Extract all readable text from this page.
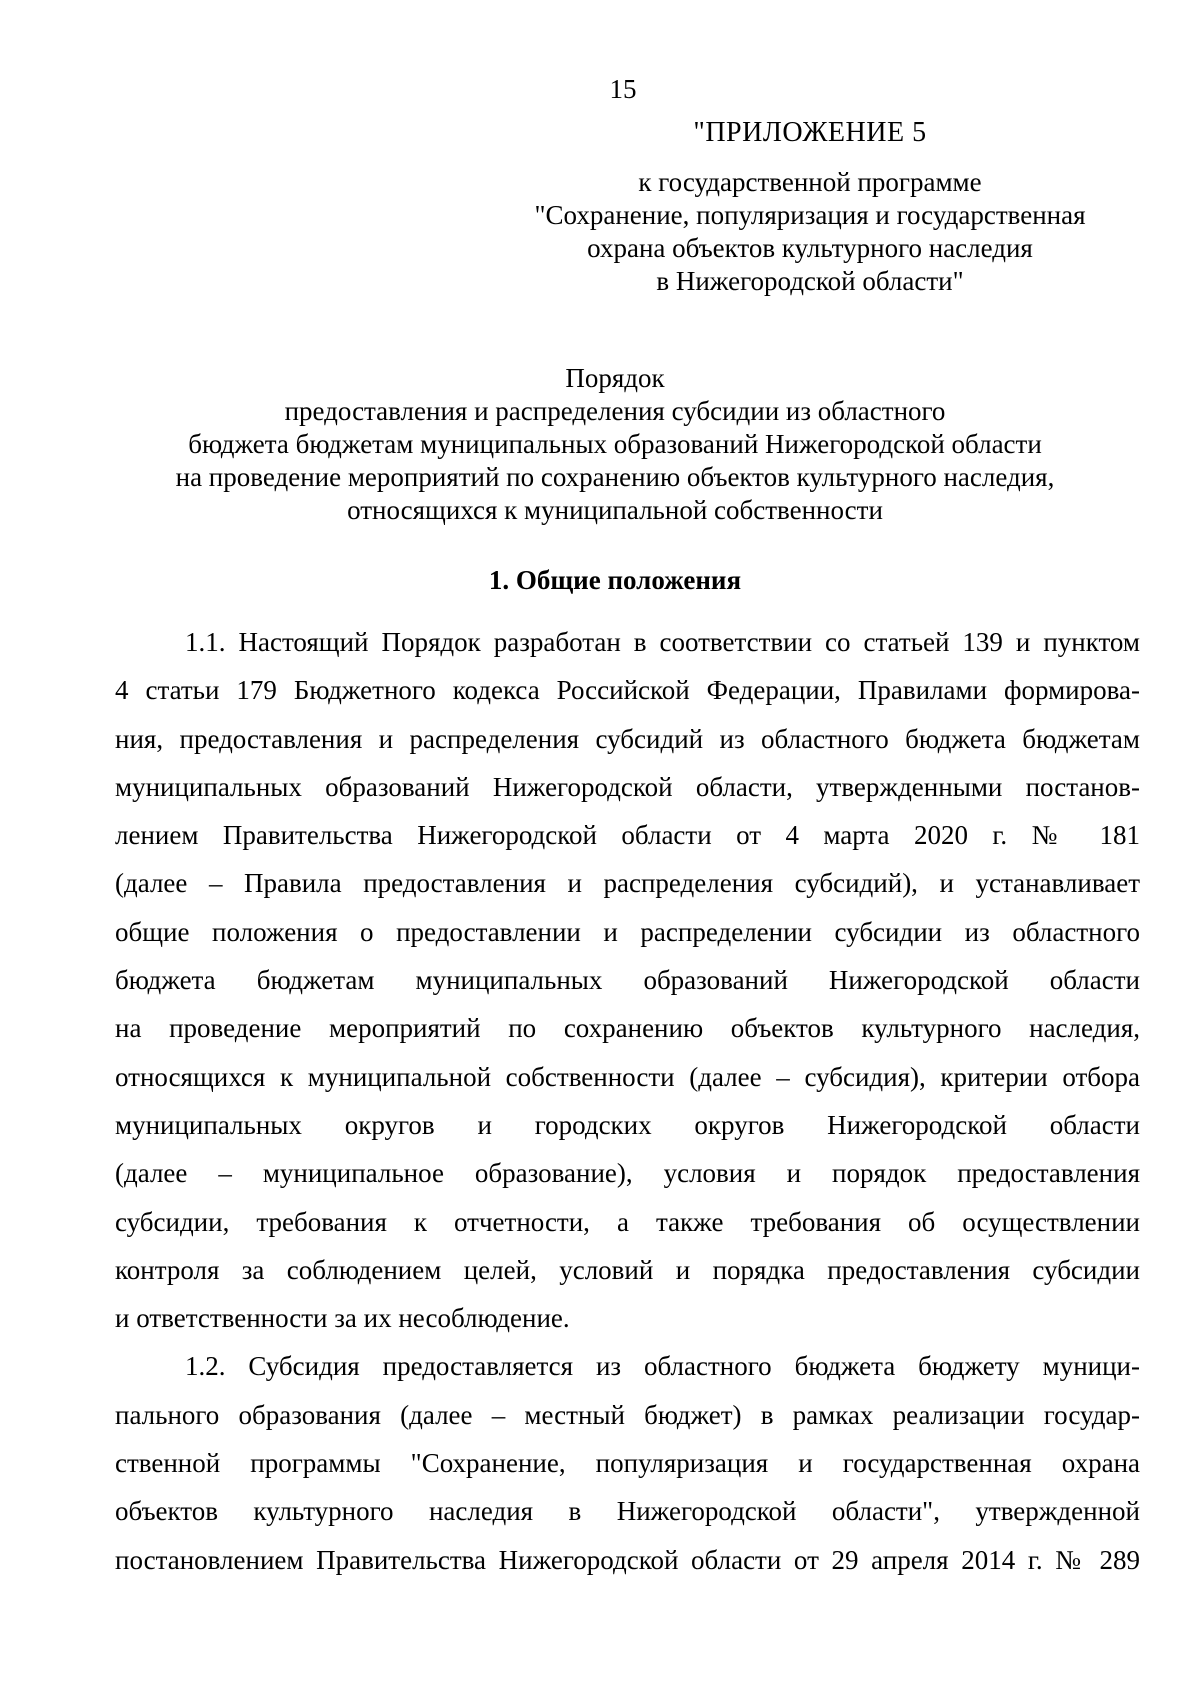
15
"ПРИЛОЖЕНИЕ 5
к государственной программе
"Сохранение, популяризация и государственная
охрана объектов культурного наследия
в Нижегородской области"
Порядок
предоставления и распределения субсидии из областного
бюджета бюджетам муниципальных образований Нижегородской области
на проведение мероприятий по сохранению объектов культурного наследия,
относящихся к муниципальной собственности
1. Общие положения
1.1. Настоящий Порядок разработан в соответствии со статьей 139 и пунктом
4 статьи 179 Бюджетного кодекса Российской Федерации, Правилами формирова-
ния, предоставления и распределения субсидий из областного бюджета бюджетам
муниципальных образований Нижегородской области, утвержденными постанов-
лением Правительства Нижегородской области от 4 марта 2020 г. № 181
(далее – Правила предоставления и распределения субсидий), и устанавливает
общие положения о предоставлении и распределении субсидии из областного
бюджета бюджетам муниципальных образований Нижегородской области
на проведение мероприятий по сохранению объектов культурного наследия,
относящихся к муниципальной собственности (далее – субсидия), критерии отбора
муниципальных округов и городских округов Нижегородской области
(далее – муниципальное образование), условия и порядок предоставления
субсидии, требования к отчетности, а также требования об осуществлении
контроля за соблюдением целей, условий и порядка предоставления субсидии
и ответственности за их несоблюдение.
1.2. Субсидия предоставляется из областного бюджета бюджету муници-
пального образования (далее – местный бюджет) в рамках реализации государ-
ственной программы "Сохранение, популяризация и государственная охрана
объектов культурного наследия в Нижегородской области", утвержденной
постановлением Правительства Нижегородской области от 29 апреля 2014 г. № 289
